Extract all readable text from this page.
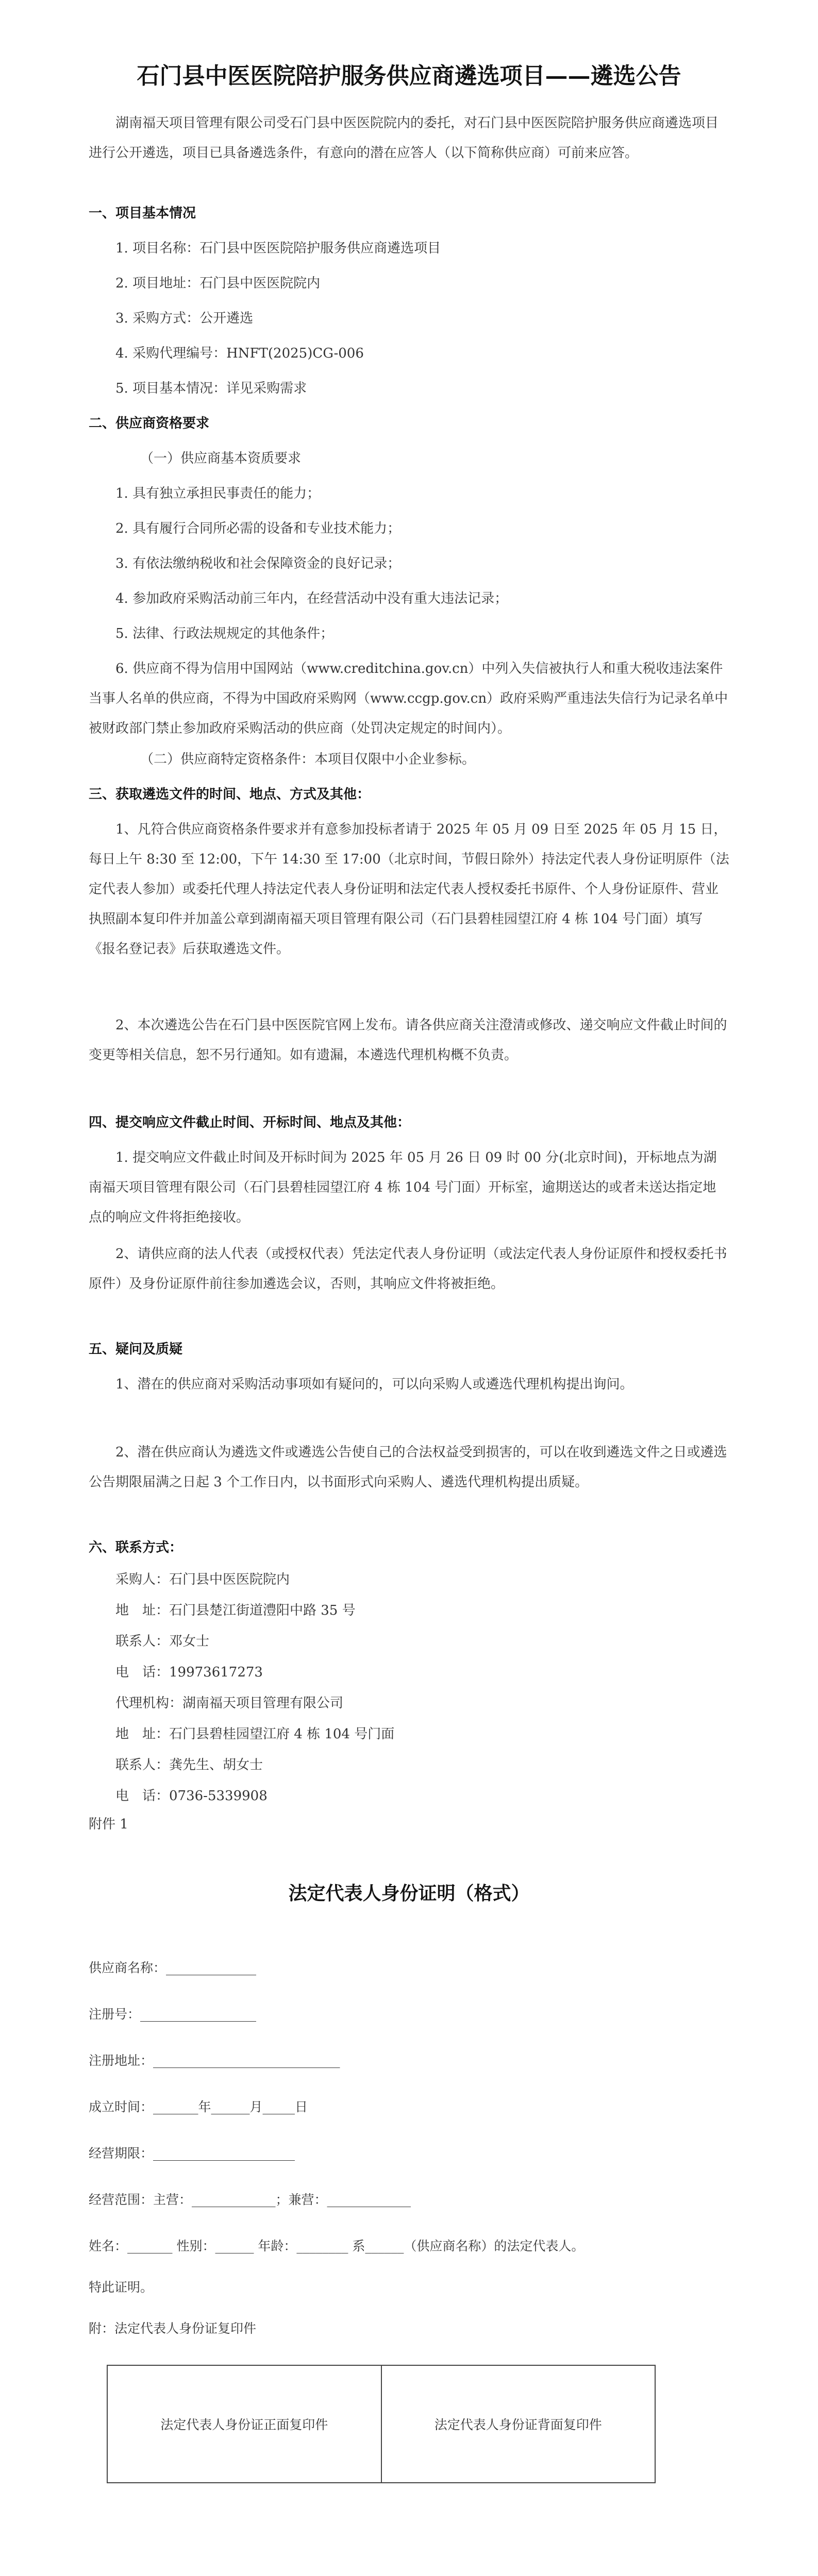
石门县中医医院陪护服务供应商遴选项目——遴选公告
湖南福天项目管理有限公司受石门县中医医院院内的委托，对石门县中医医院陪护服务供应商遴选项目进行公开遴选，项目已具备遴选条件，有意向的潜在应答人（以下简称供应商）可前来应答。
一、项目基本情况
1. 项目名称：石门县中医医院陪护服务供应商遴选项目
2. 项目地址：石门县中医医院院内
3. 采购方式：公开遴选
4. 采购代理编号：HNFT(2025)CG-006
5. 项目基本情况：详见采购需求
二、供应商资格要求
（一）供应商基本资质要求
1. 具有独立承担民事责任的能力；
2. 具有履行合同所必需的设备和专业技术能力；
3. 有依法缴纳税收和社会保障资金的良好记录；
4. 参加政府采购活动前三年内，在经营活动中没有重大违法记录；
5. 法律、行政法规规定的其他条件；
6. 供应商不得为信用中国网站（www.creditchina.gov.cn）中列入失信被执行人和重大税收违法案件当事人名单的供应商，不得为中国政府采购网（www.ccgp.gov.cn）政府采购严重违法失信行为记录名单中被财政部门禁止参加政府采购活动的供应商（处罚决定规定的时间内）。
（二）供应商特定资格条件：本项目仅限中小企业参标。
三、获取遴选文件的时间、地点、方式及其他：
1、凡符合供应商资格条件要求并有意参加投标者请于 2025 年 05 月 09 日至 2025 年 05 月 15 日，每日上午 8:30 至 12:00，下午 14:30 至 17:00（北京时间，节假日除外）持法定代表人身份证明原件（法定代表人参加）或委托代理人持法定代表人身份证明和法定代表人授权委托书原件、个人身份证原件、营业执照副本复印件并加盖公章到湖南福天项目管理有限公司（石门县碧桂园望江府 4 栋 104 号门面）填写《报名登记表》后获取遴选文件。
2、本次遴选公告在石门县中医医院官网上发布。请各供应商关注澄清或修改、递交响应文件截止时间的变更等相关信息，恕不另行通知。如有遗漏，本遴选代理机构概不负责。
四、提交响应文件截止时间、开标时间、地点及其他：
1. 提交响应文件截止时间及开标时间为 2025 年 05 月 26 日 09 时 00 分(北京时间)，开标地点为湖南福天项目管理有限公司（石门县碧桂园望江府 4 栋 104 号门面）开标室，逾期送达的或者未送达指定地点的响应文件将拒绝接收。
2、请供应商的法人代表（或授权代表）凭法定代表人身份证明（或法定代表人身份证原件和授权委托书原件）及身份证原件前往参加遴选会议，否则，其响应文件将被拒绝。
五、疑问及质疑
1、潜在的供应商对采购活动事项如有疑问的，可以向采购人或遴选代理机构提出询问。
2、潜在供应商认为遴选文件或遴选公告使自己的合法权益受到损害的，可以在收到遴选文件之日或遴选公告期限届满之日起 3 个工作日内，以书面形式向采购人、遴选代理机构提出质疑。
六、联系方式：
采购人：石门县中医医院院内
地　址：石门县楚江街道澧阳中路 35 号
联系人：邓女士
电　话：19973617273
代理机构：湖南福天项目管理有限公司
地　址：石门县碧桂园望江府 4 栋 104 号门面
联系人：龚先生、胡女士
电　话：0736-5339908
附件 1
法定代表人身份证明（格式）
供应商名称：______________
注册号：__________________
注册地址：_____________________________
成立时间：_______年______月_____日
经营期限：______________________
经营范围：主营：_____________；兼营：_____________
姓名：_______ 性别：______ 年龄：________ 系______（供应商名称）的法定代表人。
特此证明。
附：法定代表人身份证复印件
法定代表人身份证正面复印件	法定代表人身份证背面复印件
